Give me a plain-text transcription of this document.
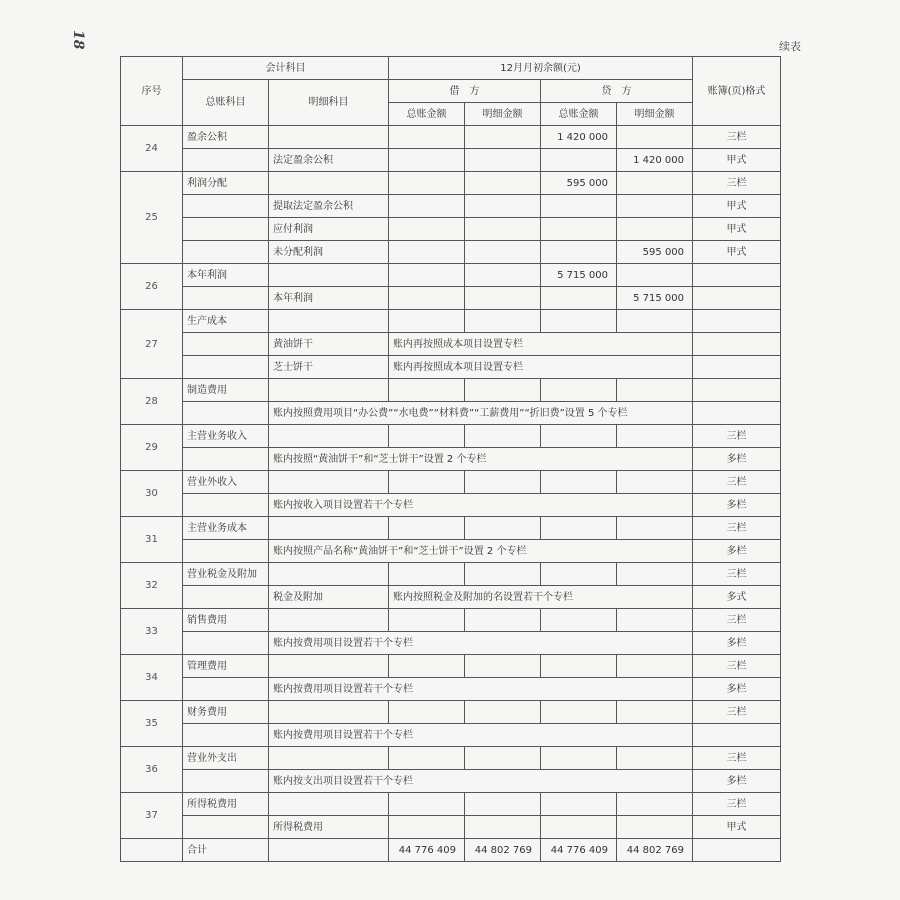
18	续表
序号	会计科目		12月月初余额(元)				账簿(页)格式
	总账科目	明细科目	借　方		贷　方		
			总账金额	明细金额	总账金额	明细金额	
24	盈余公积				1 420 000		三栏
		法定盈余公积				1 420 000	甲式
25	利润分配				595 000		三栏
		提取法定盈余公积					甲式
		应付利润					甲式
		未分配利润				595 000	甲式
26	本年利润				5 715 000		
		本年利润				5 715 000	
27	生产成本						
		黄油饼干	账内再按照成本项目设置专栏				
		芝士饼干	账内再按照成本项目设置专栏				
28	制造费用						
		账内按照费用项目“办公费”“水电费”“材料费”“工薪费用”“折旧费”设置 5 个专栏					
29	主营业务收入						三栏
		账内按照“黄油饼干”和“芝士饼干”设置 2 个专栏					多栏
30	营业外收入						三栏
		账内按收入项目设置若干个专栏					多栏
31	主营业务成本						三栏
		账内按照产品名称“黄油饼干”和“芝士饼干”设置 2 个专栏					多栏
32	营业税金及附加						三栏
		税金及附加	账内按照税金及附加的名设置若干个专栏				多式
33	销售费用						三栏
		账内按费用项目设置若干个专栏					多栏
34	管理费用						三栏
		账内按费用项目设置若干个专栏					多栏
35	财务费用						三栏
		账内按费用项目设置若干个专栏					
36	营业外支出						三栏
		账内按支出项目设置若干个专栏					多栏
37	所得税费用						三栏
		所得税费用					甲式
	合计		44 776 409	44 802 769	44 776 409	44 802 769	
